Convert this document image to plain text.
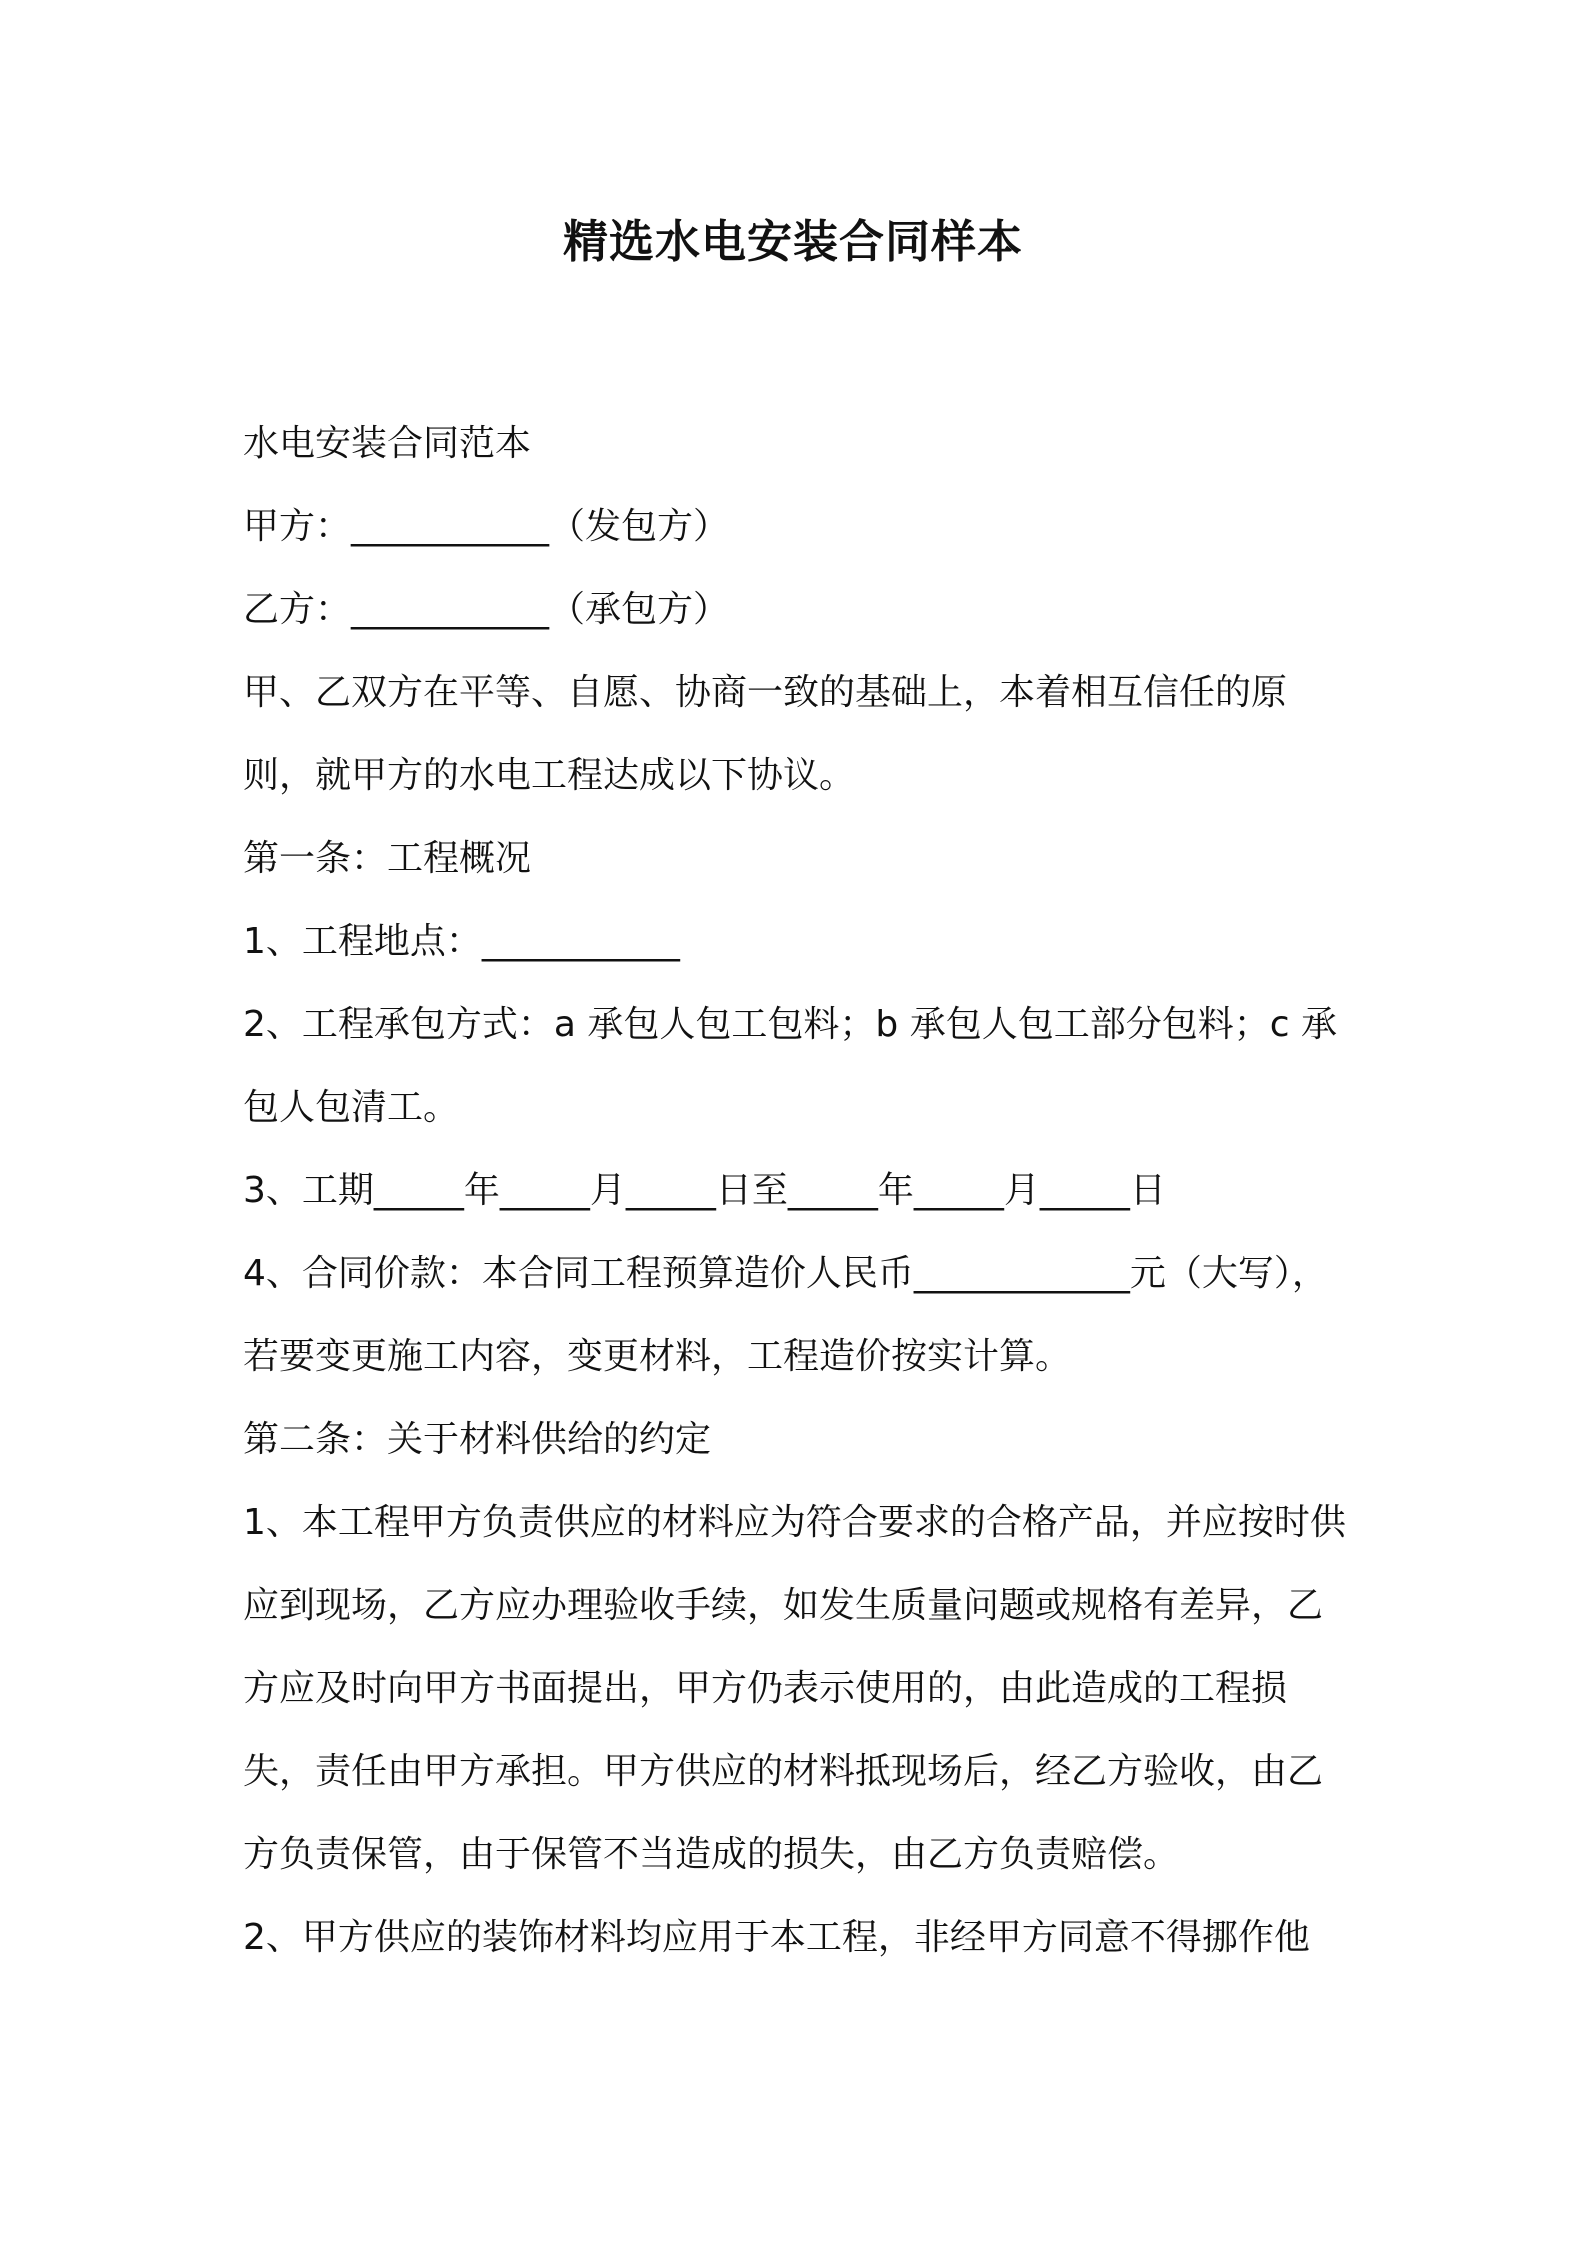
精选水电安装合同样本

水电安装合同范本

甲方：___________（发包方）

乙方：___________（承包方）

甲、乙双方在平等、自愿、协商一致的基础上，本着相互信任的原则，就甲方的水电工程达成以下协议。

第一条：工程概况

1、工程地点：___________

2、工程承包方式：a 承包人包工包料；b 承包人包工部分包料；c 承包人包清工。

3、工期_____年_____月_____日至_____年_____月_____日

4、合同价款：本合同工程预算造价人民币____________元（大写），若要变更施工内容，变更材料，工程造价按实计算。

第二条：关于材料供给的约定

1、本工程甲方负责供应的材料应为符合要求的合格产品，并应按时供应到现场，乙方应办理验收手续，如发生质量问题或规格有差异，乙方应及时向甲方书面提出，甲方仍表示使用的，由此造成的工程损失，责任由甲方承担。甲方供应的材料抵现场后，经乙方验收，由乙方负责保管，由于保管不当造成的损失，由乙方负责赔偿。

2、甲方供应的装饰材料均应用于本工程，非经甲方同意不得挪作他
